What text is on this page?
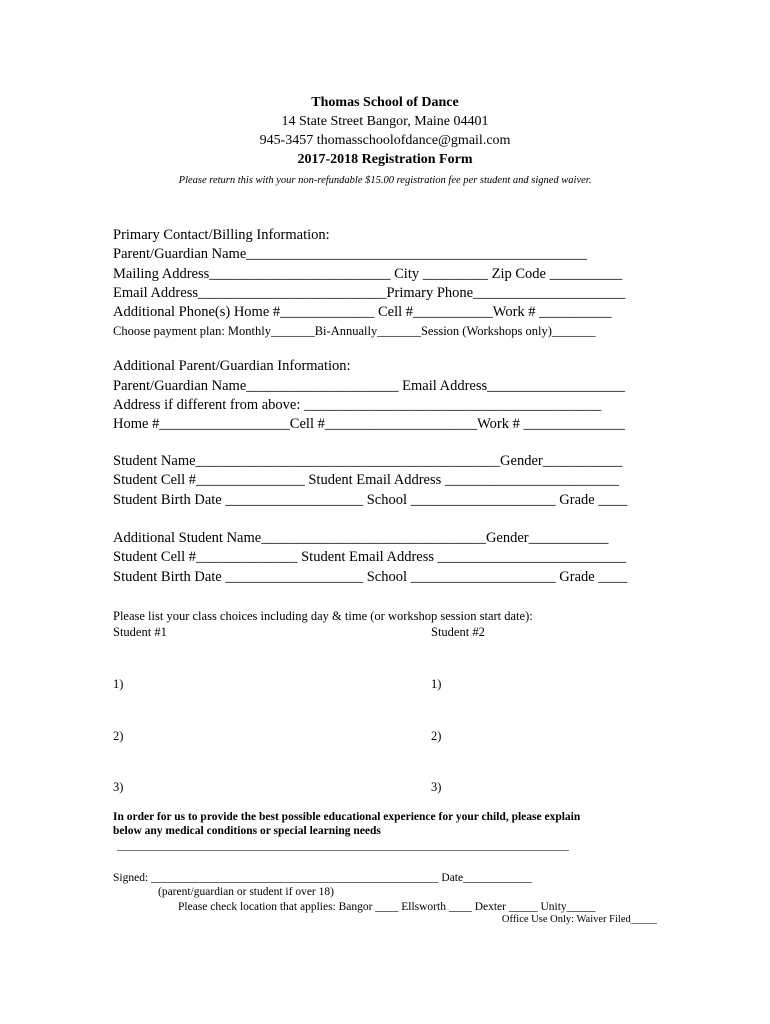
Thomas School of Dance
14 State Street Bangor, Maine 04401
945-3457 thomasschoolofdance@gmail.com
2017-2018 Registration Form
Please return this with your non-refundable $15.00 registration fee per student and signed waiver.
Primary Contact/Billing Information:
Parent/Guardian Name_______________________________________________
Mailing Address_________________________ City _________ Zip Code __________
Email Address__________________________Primary Phone_____________________
Additional Phone(s) Home #_____________ Cell #___________Work # __________
Choose payment plan: Monthly_______Bi-Annually_______Session (Workshops only)_______
Additional Parent/Guardian Information:
Parent/Guardian Name_____________________ Email Address___________________
Address if different from above: _________________________________________
Home #__________________Cell #_____________________Work # ______________
Student Name__________________________________________Gender___________
Student Cell #_______________ Student Email Address ________________________
Student Birth Date ___________________ School ____________________ Grade ____
Additional Student Name_______________________________Gender___________
Student Cell #______________ Student Email Address __________________________
Student Birth Date ___________________ School ____________________ Grade ____
Please list your class choices including day & time (or workshop session start date):
Student #1	Student #2
1)	1)
2)	2)
3)	3)
In order for us to provide the best possible educational experience for your child, please explain
below any medical conditions or special learning needs
Signed: __________________________________________________ Date____________
(parent/guardian or student if over 18)
Please check location that applies: Bangor ____ Ellsworth ____ Dexter _____ Unity_____
Office Use Only: Waiver Filed_____
